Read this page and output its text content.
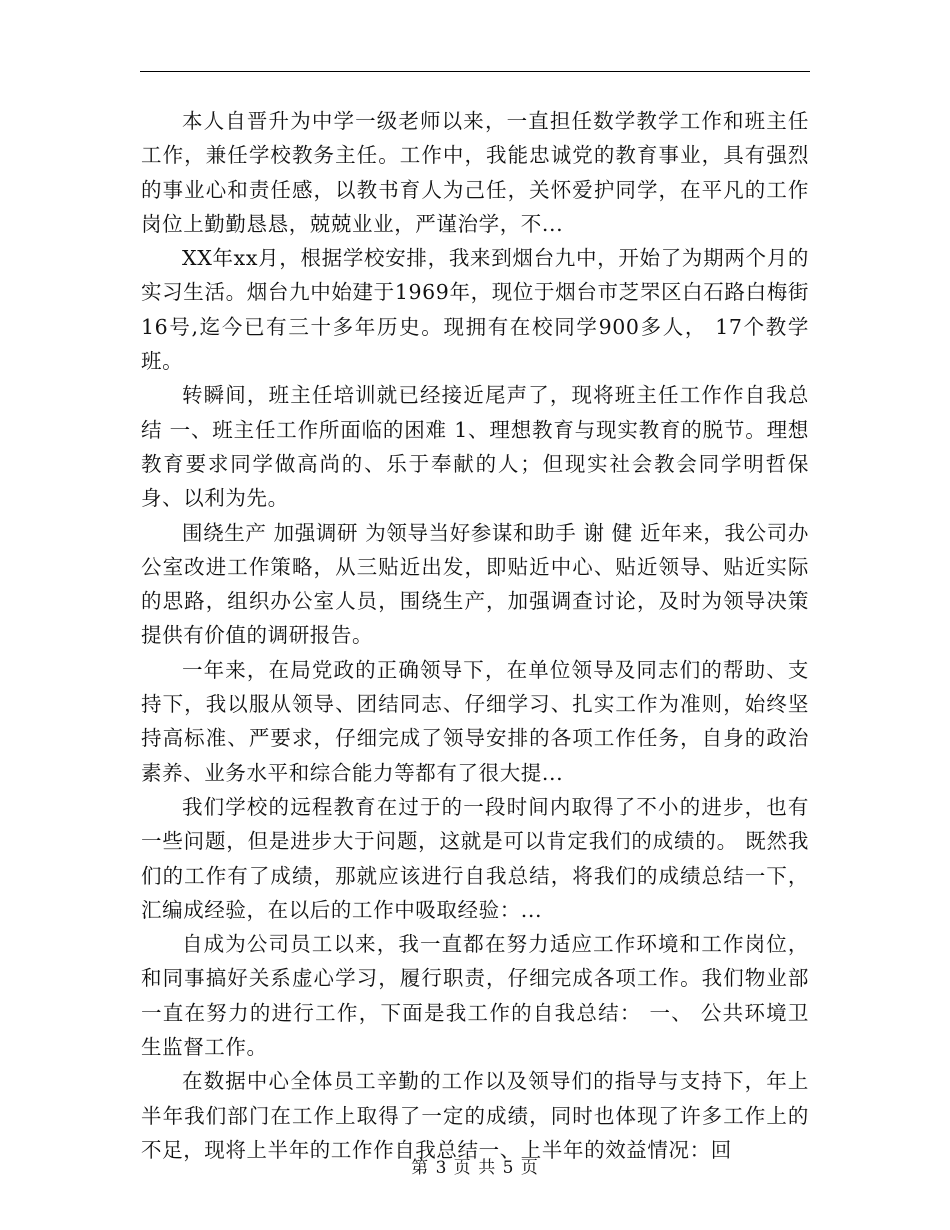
本人自晋升为中学一级老师以来，一直担任数学教学工作和班主任工作，兼任学校教务主任。工作中，我能忠诚党的教育事业，具有强烈的事业心和责任感，以教书育人为己任，关怀爱护同学，在平凡的工作岗位上勤勤恳恳，兢兢业业，严谨治学，不...

XX年xx月，根据学校安排，我来到烟台九中，开始了为期两个月的实习生活。烟台九中始建于1969年，现位于烟台市芝罘区白石路白梅街16号,迄今已有三十多年历史。现拥有在校同学900多人， 17个教学班。

转瞬间，班主任培训就已经接近尾声了，现将班主任工作作自我总结 一、班主任工作所面临的困难 1、理想教育与现实教育的脱节。理想教育要求同学做高尚的、乐于奉献的人；但现实社会教会同学明哲保身、以利为先。

围绕生产 加强调研 为领导当好参谋和助手 谢 健 近年来，我公司办公室改进工作策略，从三贴近出发，即贴近中心、贴近领导、贴近实际的思路，组织办公室人员，围绕生产，加强调查讨论，及时为领导决策提供有价值的调研报告。

一年来，在局党政的正确领导下，在单位领导及同志们的帮助、支持下，我以服从领导、团结同志、仔细学习、扎实工作为准则，始终坚持高标准、严要求，仔细完成了领导安排的各项工作任务，自身的政治素养、业务水平和综合能力等都有了很大提...

我们学校的远程教育在过于的一段时间内取得了不小的进步，也有一些问题，但是进步大于问题，这就是可以肯定我们的成绩的。 既然我们的工作有了成绩，那就应该进行自我总结，将我们的成绩总结一下，汇编成经验，在以后的工作中吸取经验：...

自成为公司员工以来，我一直都在努力适应工作环境和工作岗位，和同事搞好关系虚心学习，履行职责，仔细完成各项工作。我们物业部一直在努力的进行工作，下面是我工作的自我总结： 一、 公共环境卫生监督工作。

在数据中心全体员工辛勤的工作以及领导们的指导与支持下，年上半年我们部门在工作上取得了一定的成绩，同时也体现了许多工作上的不足，现将上半年的工作作自我总结一、上半年的效益情况：回

第 3 页 共 5 页
